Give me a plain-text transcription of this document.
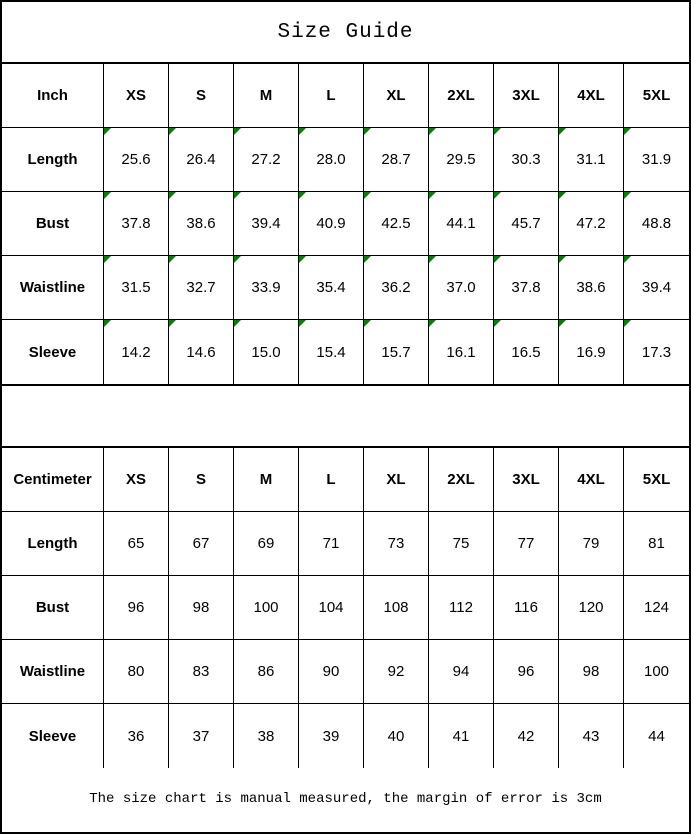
Size Guide
Inch	XS	S	M	L	XL	2XL	3XL	4XL	5XL
Length	25.6	26.4	27.2	28.0	28.7	29.5	30.3	31.1	31.9
Bust	37.8	38.6	39.4	40.9	42.5	44.1	45.7	47.2	48.8
Waistline	31.5	32.7	33.9	35.4	36.2	37.0	37.8	38.6	39.4
Sleeve	14.2	14.6	15.0	15.4	15.7	16.1	16.5	16.9	17.3
Centimeter	XS	S	M	L	XL	2XL	3XL	4XL	5XL
Length	65	67	69	71	73	75	77	79	81
Bust	96	98	100	104	108	112	116	120	124
Waistline	80	83	86	90	92	94	96	98	100
Sleeve	36	37	38	39	40	41	42	43	44
The size chart is manual measured, the margin of error is 3cm
